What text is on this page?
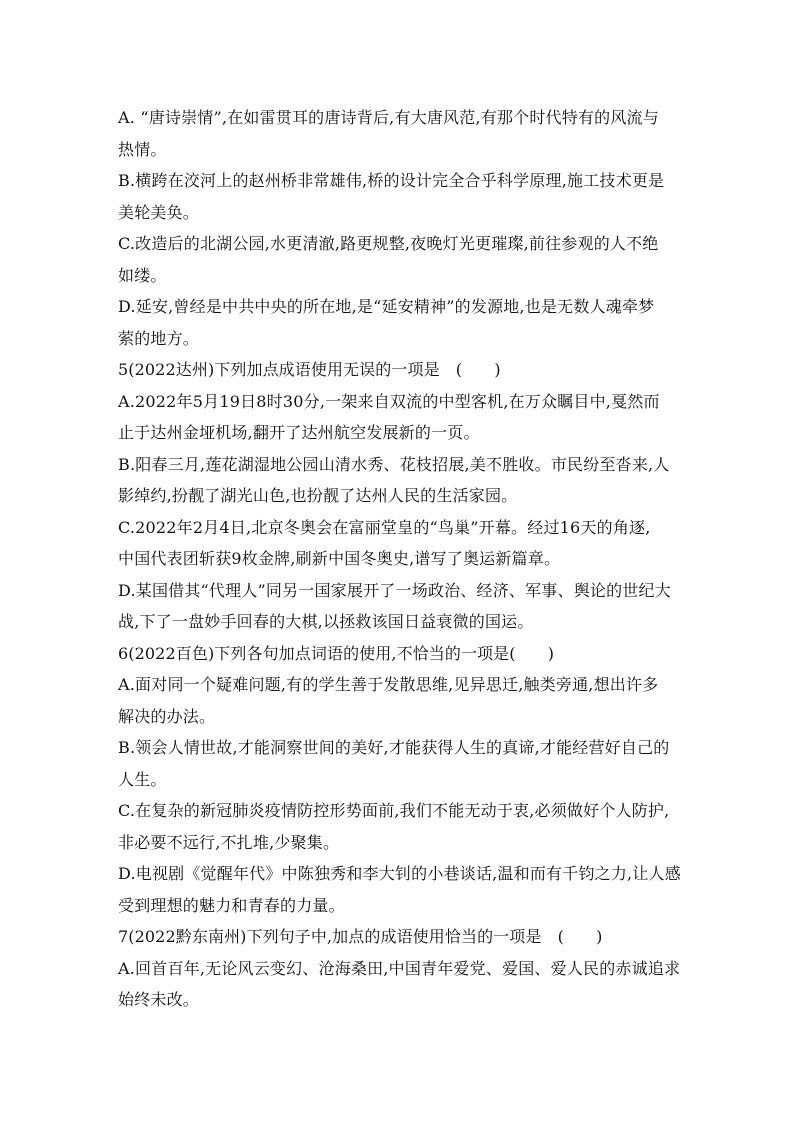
A. “唐诗崇情”,在如雷贯耳的唐诗背后,有大唐风范,有那个时代特有的风流与
热情。
B.横跨在洨河上的赵州桥非常雄伟,桥的设计完全合乎科学原理,施工技术更是
美轮美奂。
C.改造后的北湖公园,水更清澈,路更规整,夜晚灯光更璀璨,前往参观的人不绝
如缕。
D.延安,曾经是中共中央的所在地,是“延安精神”的发源地,也是无数人魂牵梦
萦的地方。
5(2022达州)下列加点成语使用无误的一项是　(　　)
A.2022年5月19日8时30分,一架来自双流的中型客机,在万众瞩目中,戛然而
止于达州金垭机场,翻开了达州航空发展新的一页。
B.阳春三月,莲花湖湿地公园山清水秀、花枝招展,美不胜收。市民纷至沓来,人
影绰约,扮靓了湖光山色,也扮靓了达州人民的生活家园。
C.2022年2月4日,北京冬奥会在富丽堂皇的“鸟巢”开幕。经过16天的角逐,
中国代表团斩获9枚金牌,刷新中国冬奥史,谱写了奥运新篇章。
D.某国借其“代理人”同另一国家展开了一场政治、经济、军事、舆论的世纪大
战,下了一盘妙手回春的大棋,以拯救该国日益衰微的国运。
6(2022百色)下列各句加点词语的使用,不恰当的一项是(　　)
A.面对同一个疑难问题,有的学生善于发散思维,见异思迁,触类旁通,想出许多
解决的办法。
B.领会人情世故,才能洞察世间的美好,才能获得人生的真谛,才能经营好自己的
人生。
C.在复杂的新冠肺炎疫情防控形势面前,我们不能无动于衷,必须做好个人防护,
非必要不远行,不扎堆,少聚集。
D.电视剧《觉醒年代》中陈独秀和李大钊的小巷谈话,温和而有千钧之力,让人感
受到理想的魅力和青春的力量。
7(2022黔东南州)下列句子中,加点的成语使用恰当的一项是　(　　)
A.回首百年,无论风云变幻、沧海桑田,中国青年爱党、爱国、爱人民的赤诚追求
始终未改。
